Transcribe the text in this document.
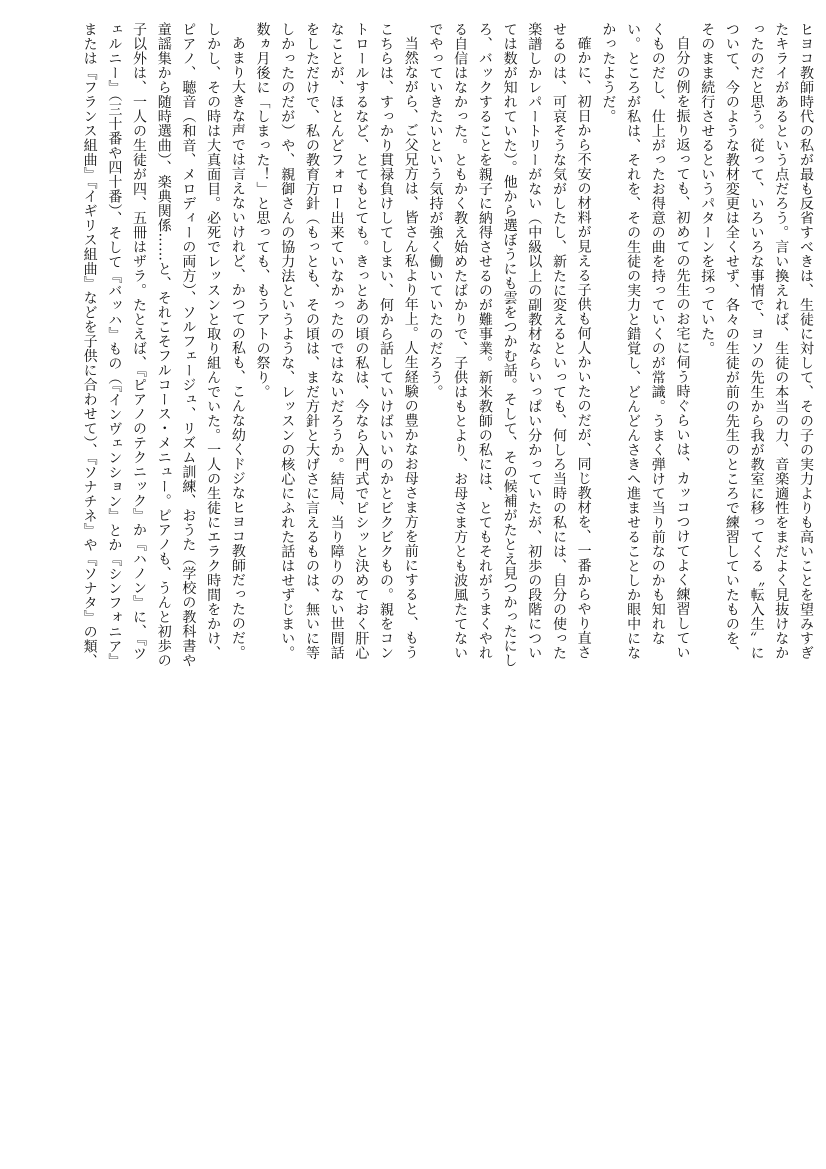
ヒヨコ教師時代の私が最も反省すべきは、生徒に対して、その子の実力よりも高いことを望みすぎたキライがあるという点だろう。言い換えれば、生徒の本当の力、音楽適性をまだよく見抜けなかったのだと思う。従って、いろいろな事情で、ヨソの先生から我が教室に移ってくる〝転入生〟について、今のような教材変更は全くせず、各々の生徒が前の先生のところで練習していたものを、そのまま続行させるというパターンを採っていた。

自分の例を振り返っても、初めての先生のお宅に伺う時ぐらいは、カッコつけてよく練習していくものだし、仕上がったお得意の曲を持っていくのが常識。うまく弾けて当り前なのかも知れない。ところが私は、それを、その生徒の実力と錯覚し、どんどんさきへ進ませることしか眼中になかったようだ。

確かに、初日から不安の材料が見える子供も何人かいたのだが、同じ教材を、一番からやり直させるのは、可哀そうな気がしたし、新たに変えるといっても、何しろ当時の私には、自分の使った楽譜しかレパートリーがない（中級以上の副教材ならいっぱい分かっていたが、初歩の段階については数が知れていた）。他から選ぼうにも雲をつかむ話。そして、その候補がたとえ見つかったにしろ、バックすることを親子に納得させるのが難事業。新米教師の私には、とてもそれがうまくやれる自信はなかった。ともかく教え始めたばかりで、子供はもとより、お母さま方とも波風たてないでやっていきたいという気持が強く働いていたのだろう。

当然ながら、ご父兄方は、皆さん私より年上。人生経験の豊かなお母さま方を前にすると、もうこちらは、すっかり貫禄負けしてしまい、何から話していけばいいのかとビクビクもの。親をコントロールするなど、とてもとても。きっとあの頃の私は、今なら入門式でピシッと決めておく肝心なことが、ほとんどフォロー出来ていなかったのではないだろうか。結局、当り障りのない世間話をしただけで、私の教育方針（もっとも、その頃は、まだ方針と大げさに言えるものは、無いに等しかったのだが）や、親御さんの協力法というような、レッスンの核心にふれた話はせずじまい。数ヵ月後に「しまった！」と思っても、もうアトの祭り。

あまり大きな声では言えないけれど、かつての私も、こんな幼くドジなヒヨコ教師だったのだ。しかし、その時は大真面目。必死でレッスンと取り組んでいた。一人の生徒にエラク時間をかけ、ピアノ、聴音（和音、メロディーの両方）、ソルフェージュ、リズム訓練、おうた（学校の教科書や童謡集から随時選曲）、楽典関係……と、それこそフルコース・メニュー。ピアノも、うんと初歩の子以外は、一人の生徒が四、五冊はザラ。たとえば、『ピアノのテクニック』か『ハノン』に、『ツェルニー』（三十番や四十番）、そして『バッハ』もの（『インヴェンション』とか『シンフォニア』または『フランス組曲』『イギリス組曲』などを子供に合わせて）、『ソナチネ』や『ソナタ』の類、
